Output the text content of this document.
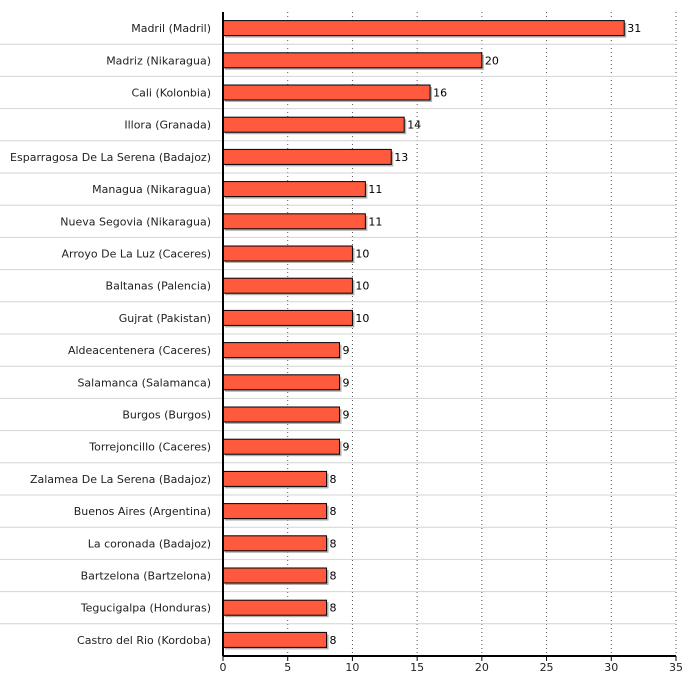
Madril (Madril)
Madriz (Nikaragua)
Cali (Kolonbia)
Illora (Granada)
Esparragosa De La Serena (Badajoz)
Managua (Nikaragua)
Nueva Segovia (Nikaragua)
Arroyo De La Luz (Caceres)
Baltanas (Palencia)
Gujrat (Pakistan)
Aldeacentenera (Caceres)
Salamanca (Salamanca)
Burgos (Burgos)
Torrejoncillo (Caceres)
Zalamea De La Serena (Badajoz)
Buenos Aires (Argentina)
La coronada (Badajoz)
Bartzelona (Bartzelona)
Tegucigalpa (Honduras)
Castro del Rio (Kordoba)
31
20
16
14
13
11
11
10
10
10
9
9
9
9
8
8
8
8
8
8
0	5	10	15	20	25	30	35
